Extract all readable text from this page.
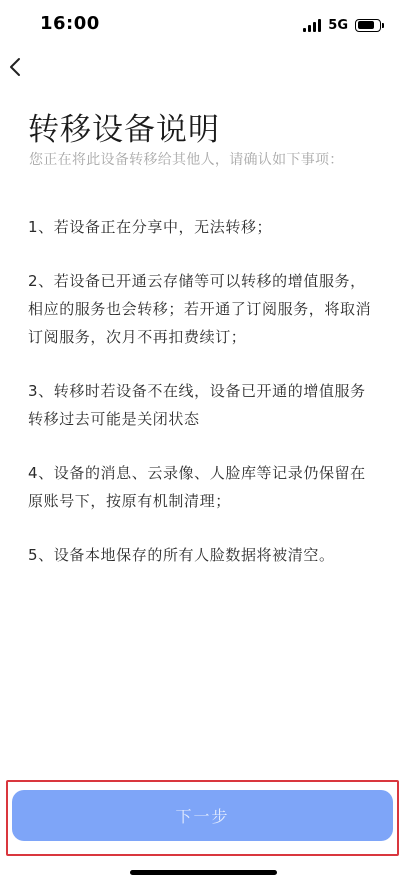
16:00	5G
转移设备说明

您正在将此设备转移给其他人，请确认如下事项：

1、若设备正在分享中，无法转移；
2、若设备已开通云存储等可以转移的增值服务，相应的服务也会转移；若开通了订阅服务，将取消订阅服务，次月不再扣费续订；
3、转移时若设备不在线，设备已开通的增值服务转移过去可能是关闭状态
4、设备的消息、云录像、人脸库等记录仍保留在原账号下，按原有机制清理；
5、设备本地保存的所有人脸数据将被清空。
下一步
